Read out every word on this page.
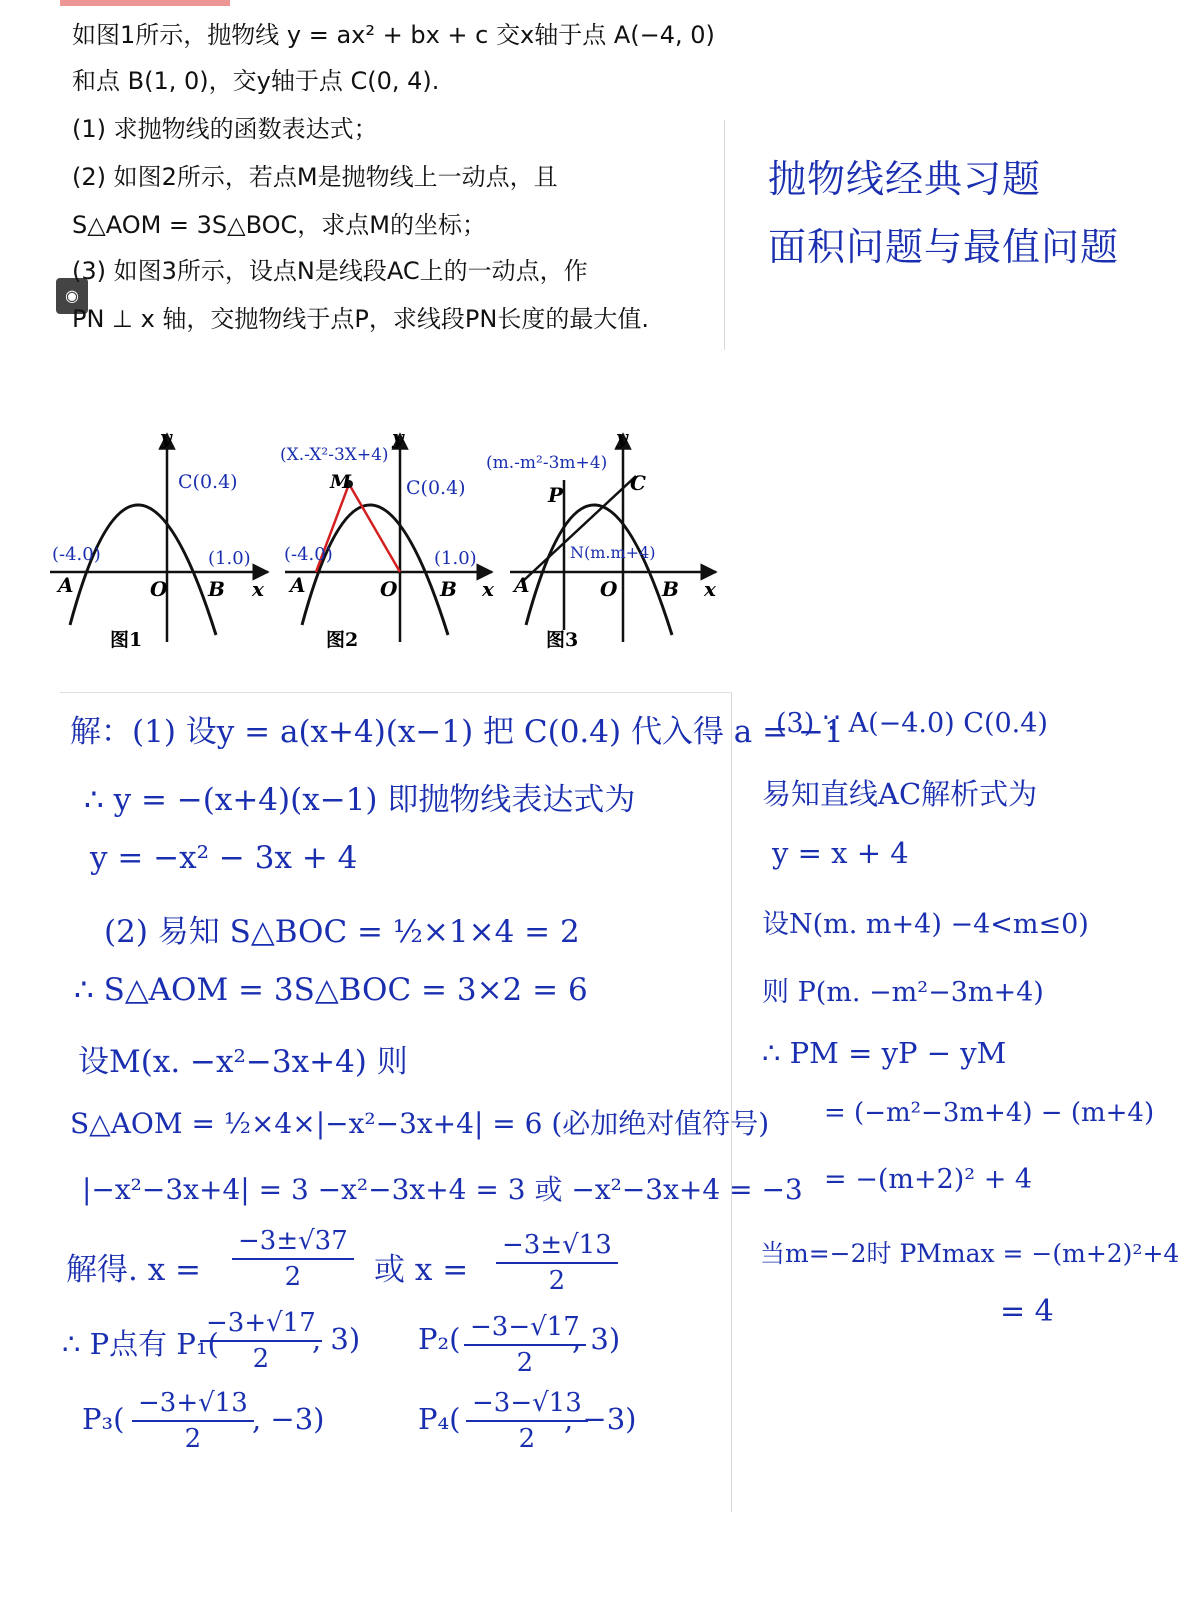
◉
如图1所示，抛物线 y = ax² + bx + c 交x轴于点 A(−4, 0)
和点 B(1, 0)，交y轴于点 C(0, 4).
(1) 求抛物线的函数表达式；
(2) 如图2所示，若点M是抛物线上一动点，且
S△AOM = 3S△BOC，求点M的坐标；
(3) 如图3所示，设点N是线段AC上的一动点，作
PN ⊥ x 轴，交抛物线于点P，求线段PN长度的最大值.
抛物线经典习题
面积问题与最值问题
y
x
A	O B
(-4.0)	(1.0)
C(0.4)
图1
y
x
A	O B
M
(-4.0)	(1.0)
C(0.4)
(X.-X²-3X+4)
图2
y
x
A	O B
P	C
N(m.m+4)
(m.-m²-3m+4)
图3
解：(1) 设y = a(x+4)(x−1) 把 C(0.4) 代入得 a = −1
∴ y = −(x+4)(x−1) 即抛物线表达式为
y = −x² − 3x + 4
(2) 易知 S△BOC = ½×1×4 = 2
∴ S△AOM = 3S△BOC = 3×2 = 6
设M(x. −x²−3x+4) 则
S△AOM = ½×4×|−x²−3x+4| = 6 (必加绝对值符号)
|−x²−3x+4| = 3 −x²−3x+4 = 3 或 −x²−3x+4 = −3
解得. $x = \frac{-3\pm√37}{2}$ 或 $x = \frac{-3\pm√13}{2}$
∴ P点有 P₁(
$\frac{-3+√17}{2}$
, 3) $P_2( \frac{-3-√17}{2}$
, 3)
$P_3( \frac{-3+√13}{2}$
, −3)	$P_4( \frac{-3-√13}{2}$
, −3)
(3) ∵ A(−4.0) C(0.4)
易知直线AC解析式为
y = x + 4
设N(m. m+4) −4<m≤0)
则 P(m. −m²−3m+4)
∴ PM = yP − yM
= (−m²−3m+4) − (m+4)
= −(m+2)² + 4
当m=−2时 PMmax = −(m+2)²+4
= 4
